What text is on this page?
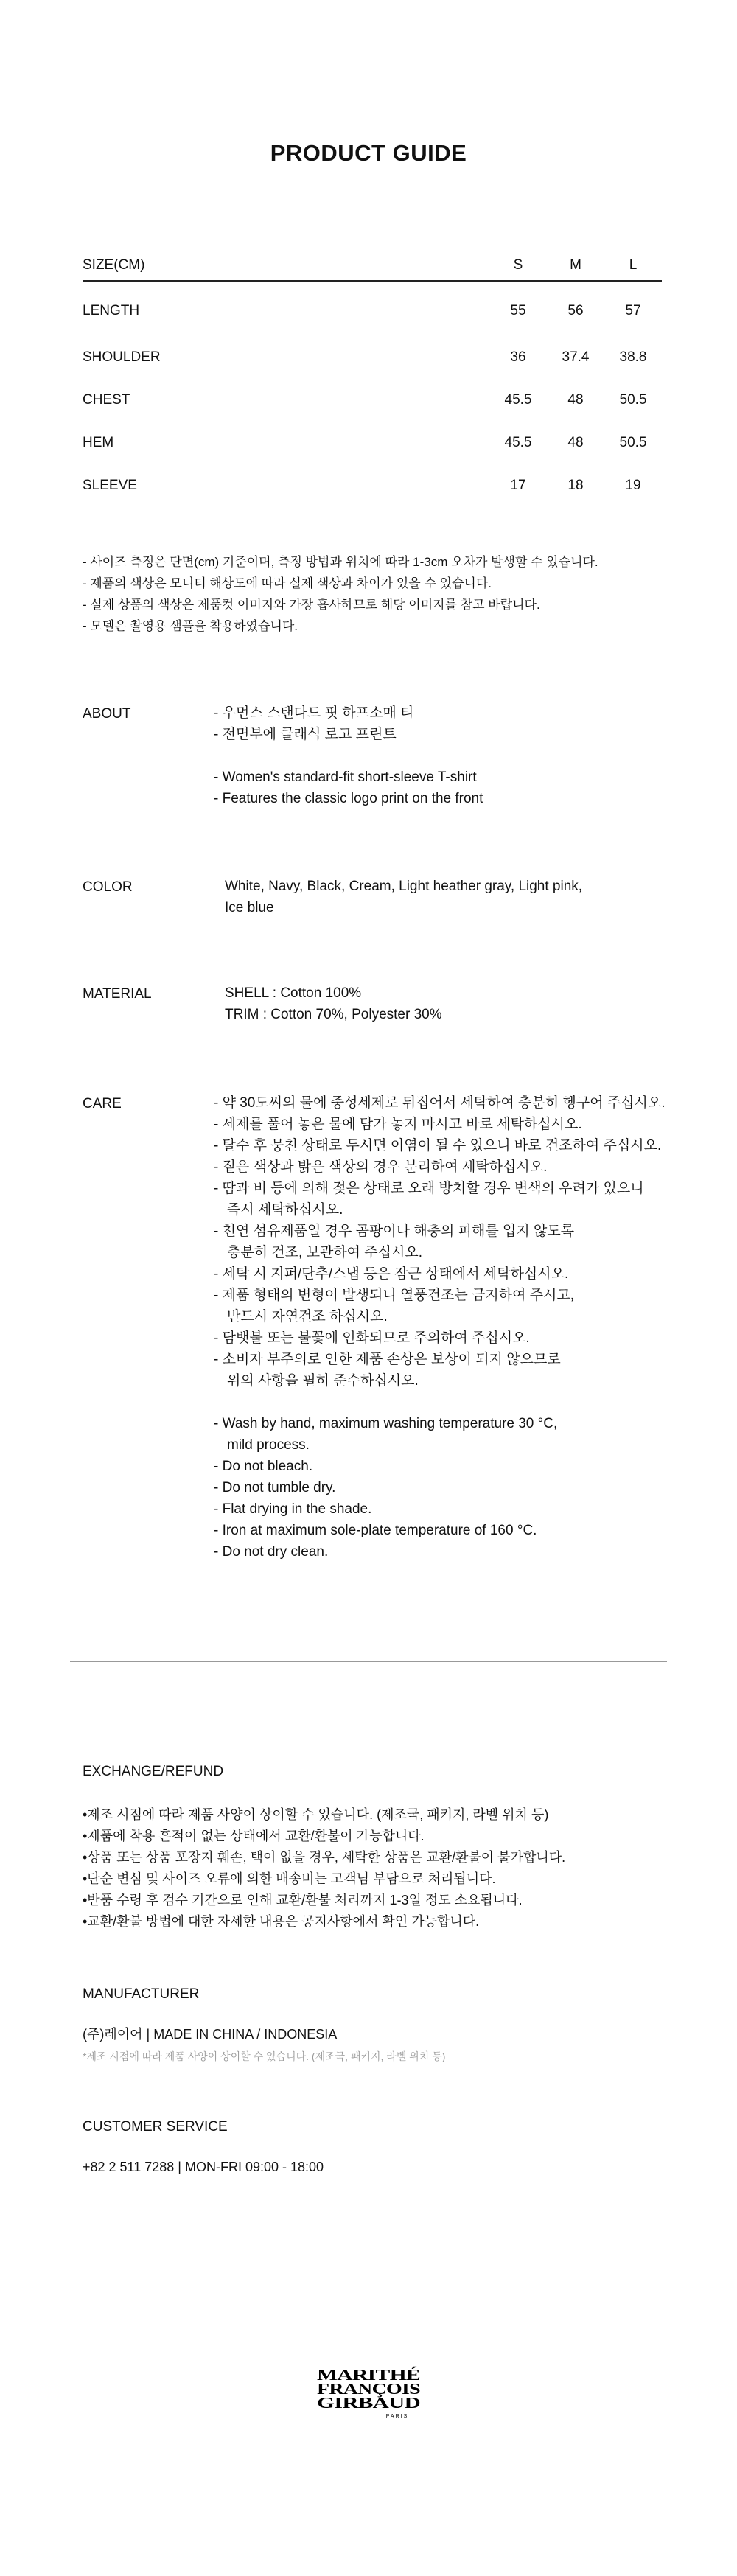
PRODUCT GUIDE
SIZE(CM)	S	M	L
LENGTH	55	56	57
SHOULDER	36	37.4	38.8
CHEST	45.5	48	50.5
HEM	45.5	48	50.5
SLEEVE	17	18	19
- 사이즈 측정은 단면(cm) 기준이며, 측정 방법과 위치에 따라 1-3cm 오차가 발생할 수 있습니다.
- 제품의 색상은 모니터 해상도에 따라 실제 색상과 차이가 있을 수 있습니다.
- 실제 상품의 색상은 제품컷 이미지와 가장 흡사하므로 해당 이미지를 참고 바랍니다.
- 모델은 촬영용 샘플을 착용하였습니다.
ABOUT	- 우먼스 스탠다드 핏 하프소매 티
- 전면부에 클래식 로고 프린트
- Women's standard-fit short-sleeve T-shirt
- Features the classic logo print on the front
COLOR	White, Navy, Black, Cream, Light heather gray, Light pink,
Ice blue
MATERIAL	SHELL : Cotton 100%
TRIM : Cotton 70%, Polyester 30%
CARE	- 약 30도씨의 물에 중성세제로 뒤집어서 세탁하여 충분히 헹구어 주십시오.
- 세제를 풀어 놓은 물에 담가 놓지 마시고 바로 세탁하십시오.
- 탈수 후 뭉친 상태로 두시면 이염이 될 수 있으니 바로 건조하여 주십시오.
- 짙은 색상과 밝은 색상의 경우 분리하여 세탁하십시오.
- 땀과 비 등에 의해 젖은 상태로 오래 방치할 경우 변색의 우려가 있으니
즉시 세탁하십시오.
- 천연 섬유제품일 경우 곰팡이나 해충의 피해를 입지 않도록
충분히 건조, 보관하여 주십시오.
- 세탁 시 지퍼/단추/스냅 등은 잠근 상태에서 세탁하십시오.
- 제품 형태의 변형이 발생되니 열풍건조는 금지하여 주시고,
반드시 자연건조 하십시오.
- 담뱃불 또는 불꽃에 인화되므로 주의하여 주십시오.
- 소비자 부주의로 인한 제품 손상은 보상이 되지 않으므로
위의 사항을 필히 준수하십시오.
- Wash by hand, maximum washing temperature 30 °C,
mild process.
- Do not bleach.
- Do not tumble dry.
- Flat drying in the shade.
- Iron at maximum sole-plate temperature of 160 °C.
- Do not dry clean.
EXCHANGE/REFUND
•제조 시점에 따라 제품 사양이 상이할 수 있습니다. (제조국, 패키지, 라벨 위치 등)
•제품에 착용 흔적이 없는 상태에서 교환/환불이 가능합니다.
•상품 또는 상품 포장지 훼손, 택이 없을 경우, 세탁한 상품은 교환/환불이 불가합니다.
•단순 변심 및 사이즈 오류에 의한 배송비는 고객님 부담으로 처리됩니다.
•반품 수령 후 검수 기간으로 인해 교환/환불 처리까지 1-3일 정도 소요됩니다.
•교환/환불 방법에 대한 자세한 내용은 공지사항에서 확인 가능합니다.
MANUFACTURER
(주)레이어 | MADE IN CHINA / INDONESIA
*제조 시점에 따라 제품 사양이 상이할 수 있습니다. (제조국, 패키지, 라벨 위치 등)
CUSTOMER SERVICE
+82 2 511 7288 | MON-FRI 09:00 - 18:00
MARITHÉ
FRANÇOIS
GIRBAUD
PARIS
